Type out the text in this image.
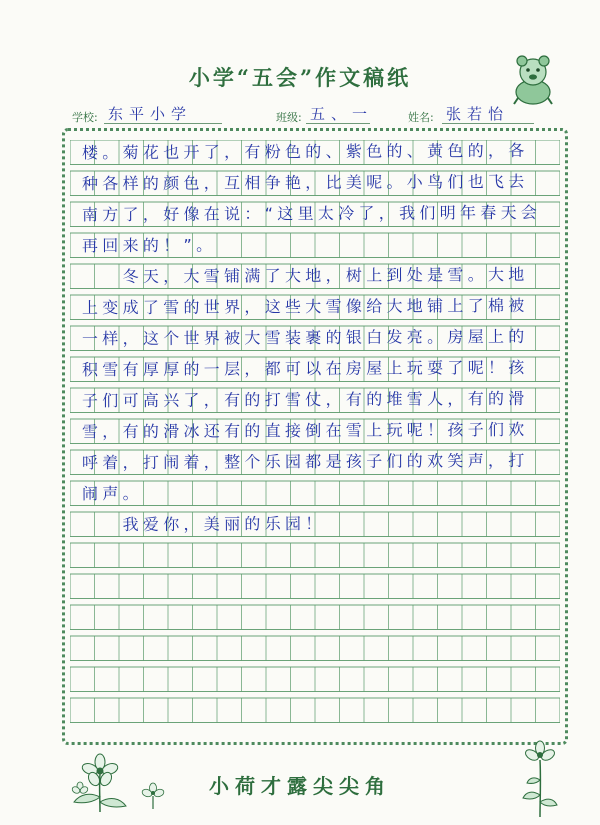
小学“五会”作文稿纸
学校: 东平小学	班级: 五、一	姓名: 张若怡
楼。菊花也开了，有粉色的、紫色的、黄色的，各
种各样的颜色，互相争艳，比美呢。小鸟们也飞去
南方了，好像在说：“这里太冷了，我们明年春天会
再回来的！”。
　　冬天，大雪铺满了大地，树上到处是雪。大地
上变成了雪的世界，这些大雪像给大地铺上了棉被
一样，这个世界被大雪装裹的银白发亮。房屋上的
积雪有厚厚的一层，都可以在房屋上玩耍了呢！孩
子们可高兴了，有的打雪仗，有的堆雪人，有的滑
雪，有的滑冰还有的直接倒在雪上玩呢！孩子们欢
呼着，打闹着，整个乐园都是孩子们的欢笑声，打
闹声。
　　我爱你，美丽的乐园！
小荷才露尖尖角
